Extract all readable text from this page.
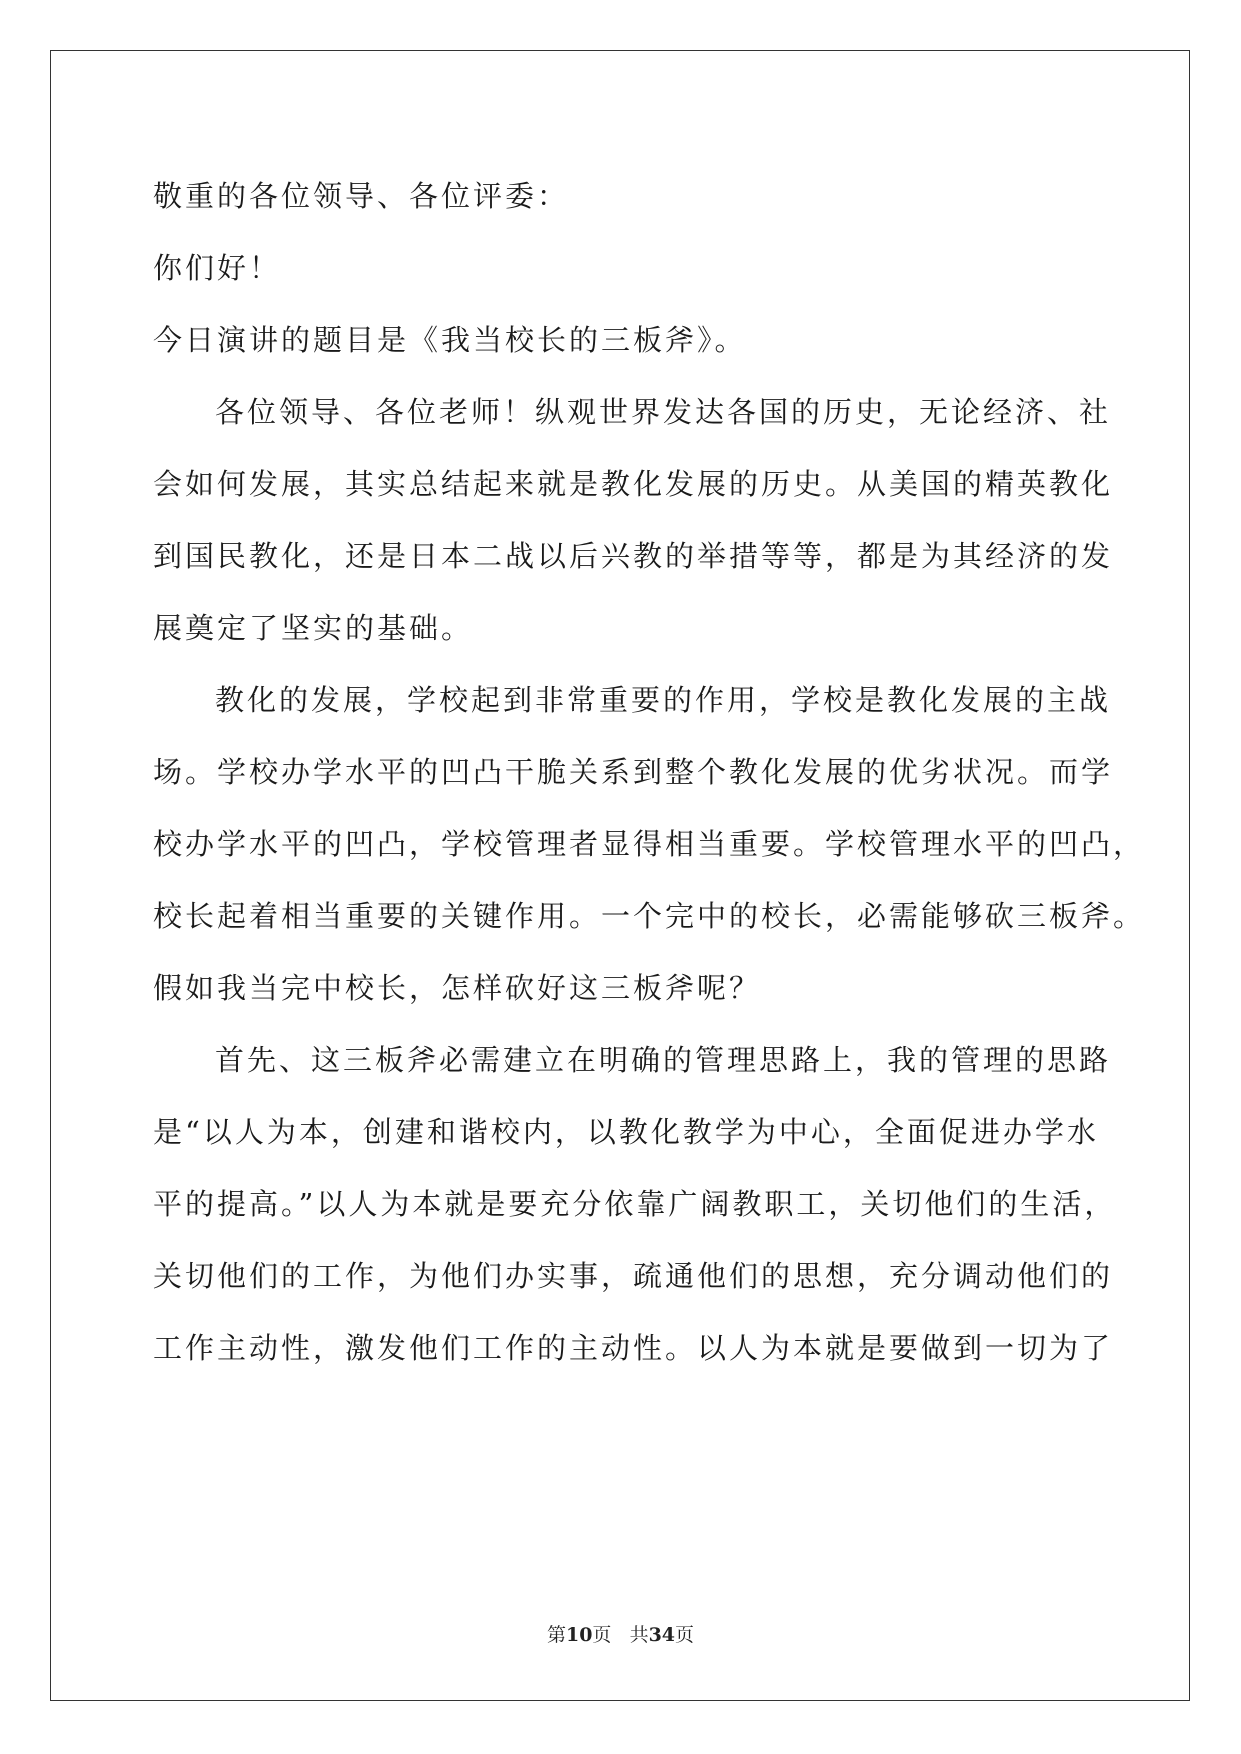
敬重的各位领导、各位评委：

你们好！

今日演讲的题目是《我当校长的三板斧》。

各位领导、各位老师！纵观世界发达各国的历史，无论经济、社
会如何发展，其实总结起来就是教化发展的历史。从美国的精英教化
到国民教化，还是日本二战以后兴教的举措等等，都是为其经济的发
展奠定了坚实的基础。

教化的发展，学校起到非常重要的作用，学校是教化发展的主战
场。学校办学水平的凹凸干脆关系到整个教化发展的优劣状况。而学
校办学水平的凹凸，学校管理者显得相当重要。学校管理水平的凹凸，
校长起着相当重要的关键作用。一个完中的校长，必需能够砍三板斧。
假如我当完中校长，怎样砍好这三板斧呢？

首先、这三板斧必需建立在明确的管理思路上，我的管理的思路
是“以人为本，创建和谐校内，以教化教学为中心，全面促进办学水
平的提高。”以人为本就是要充分依靠广阔教职工，关切他们的生活，
关切他们的工作，为他们办实事，疏通他们的思想，充分调动他们的
工作主动性，激发他们工作的主动性。以人为本就是要做到一切为了

第10页 共34页
